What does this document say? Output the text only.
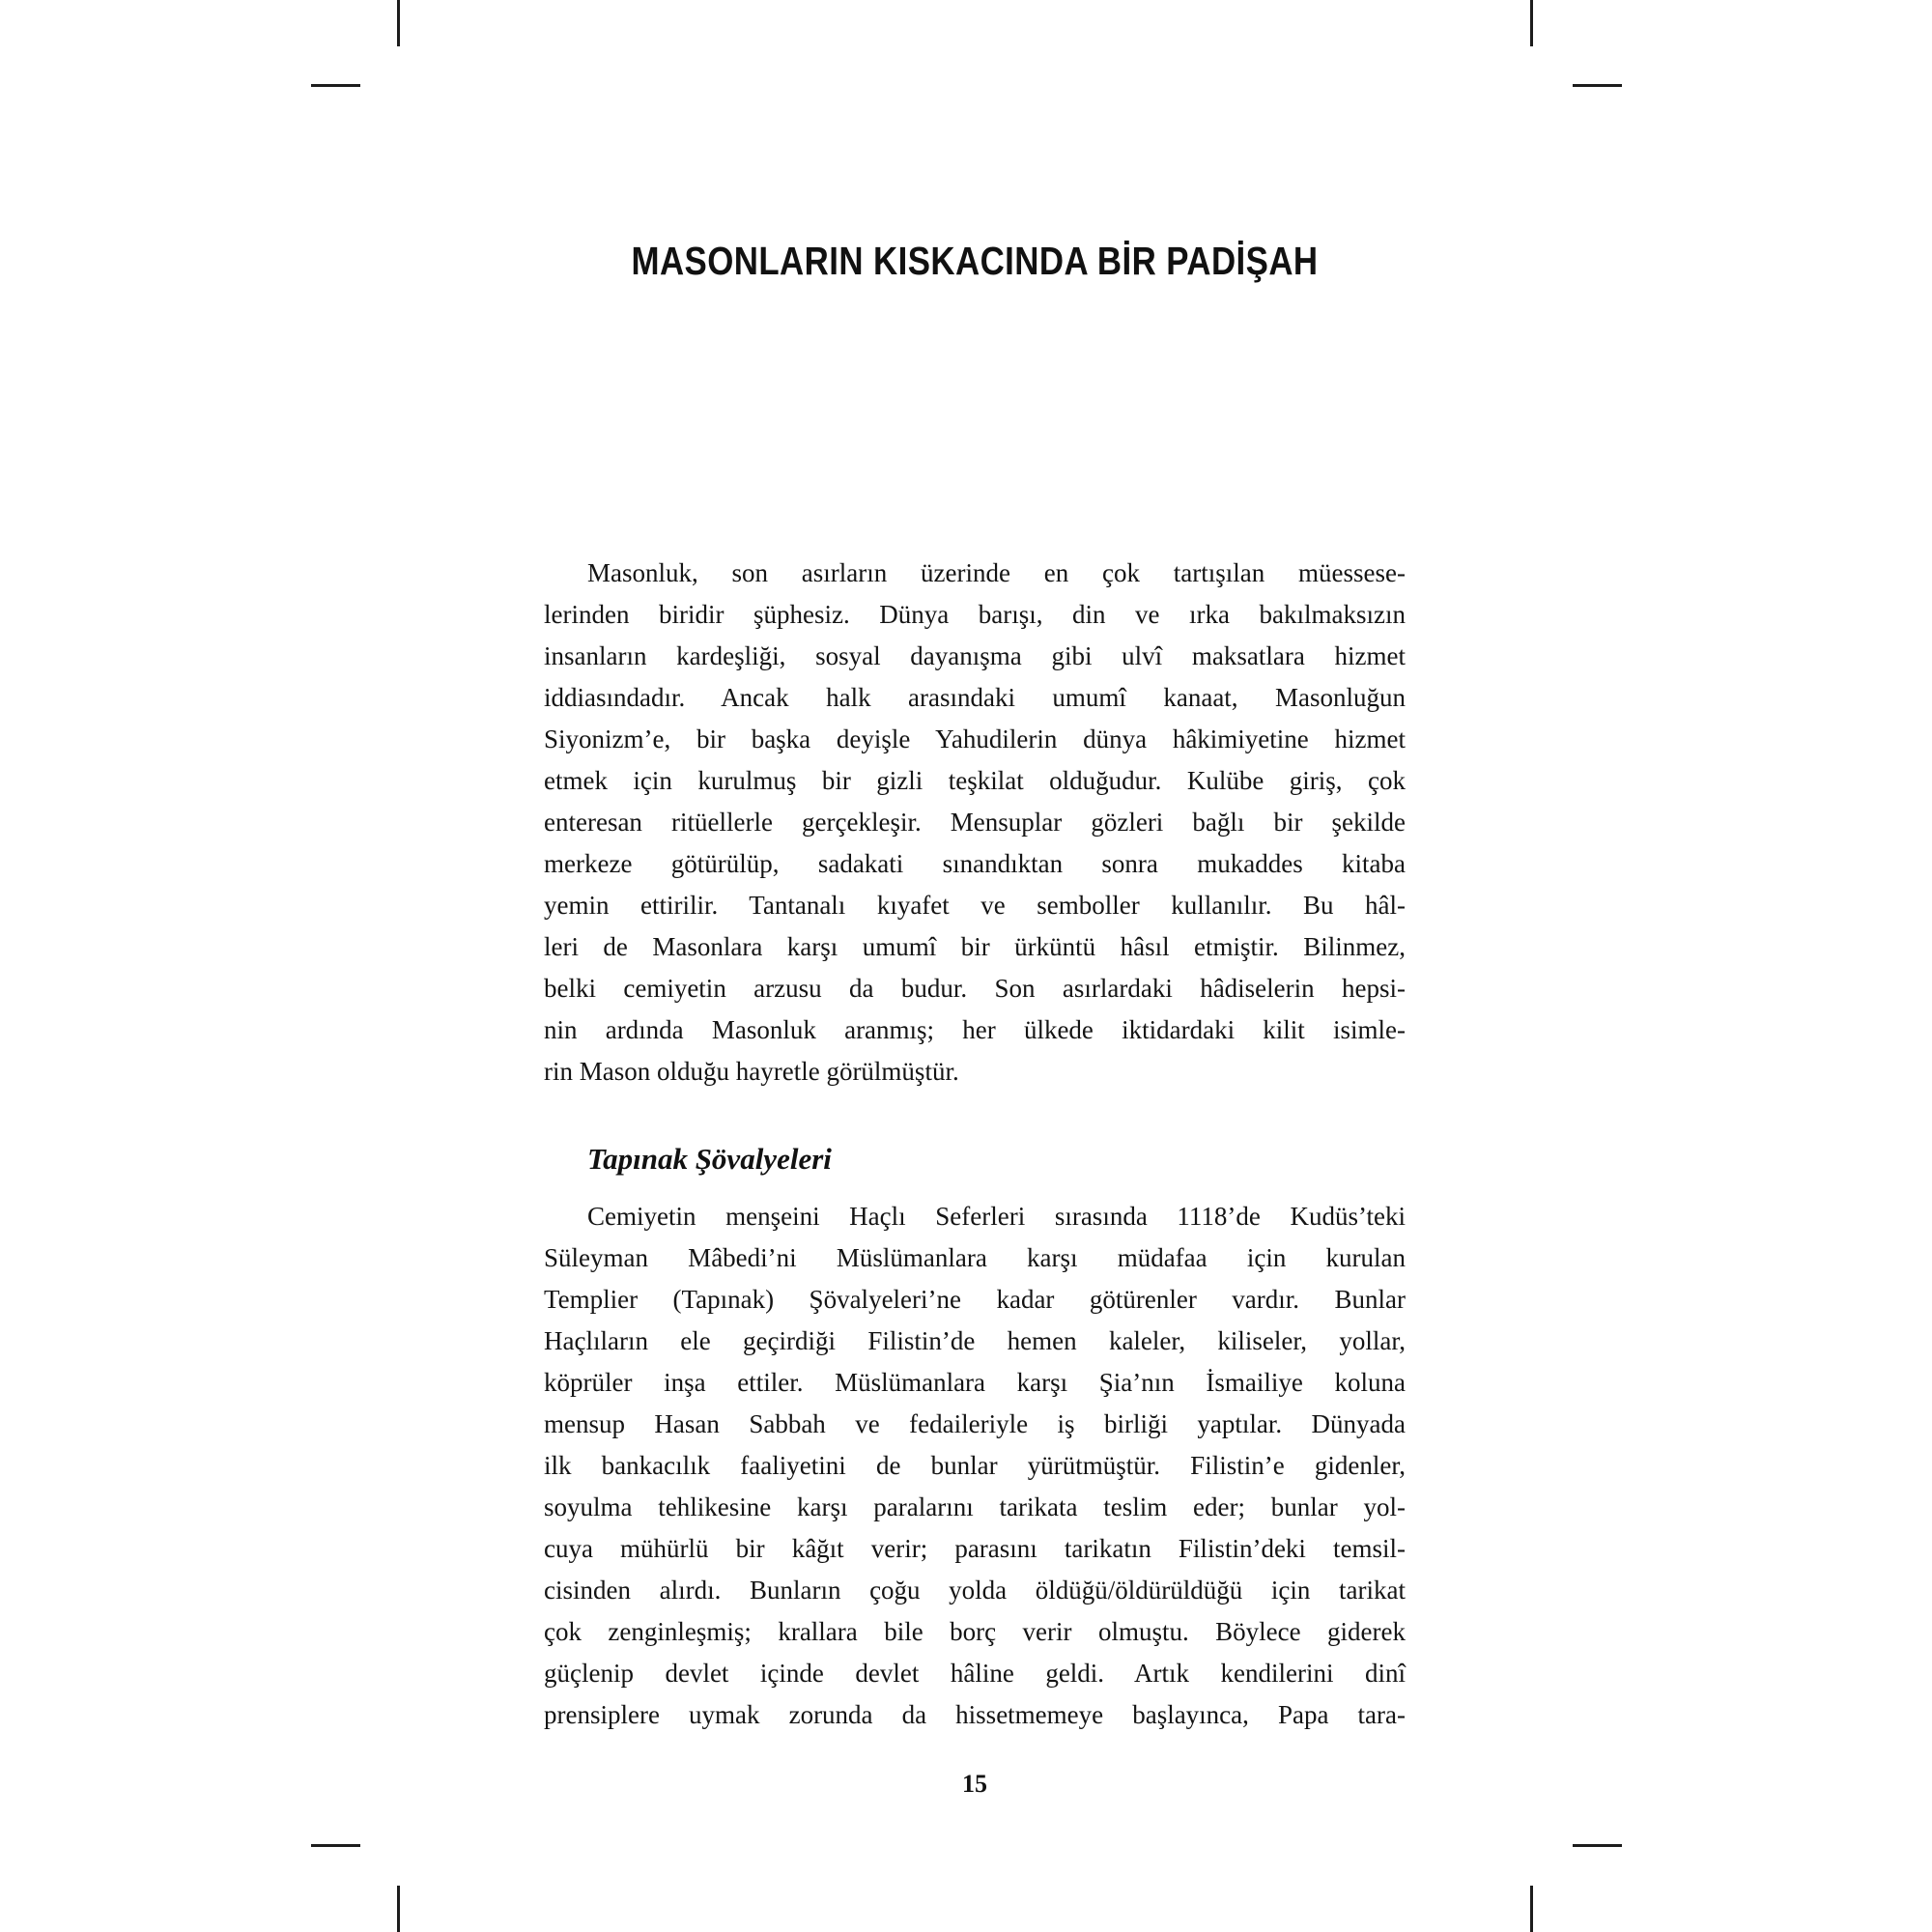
MASONLARIN KISKACINDA BİR PADİŞAH
Masonluk, son asırların üzerinde en çok tartışılan müessese-
lerinden biridir şüphesiz. Dünya barışı, din ve ırka bakılmaksızın
insanların kardeşliği, sosyal dayanışma gibi ulvî maksatlara hizmet
iddiasındadır. Ancak halk arasındaki umumî kanaat, Masonluğun
Siyonizm’e, bir başka deyişle Yahudilerin dünya hâkimiyetine hizmet
etmek için kurulmuş bir gizli teşkilat olduğudur. Kulübe giriş, çok
enteresan ritüellerle gerçekleşir. Mensuplar gözleri bağlı bir şekilde
merkeze götürülüp, sadakati sınandıktan sonra mukaddes kitaba
yemin ettirilir. Tantanalı kıyafet ve semboller kullanılır. Bu hâl-
leri de Masonlara karşı umumî bir ürküntü hâsıl etmiştir. Bilinmez,
belki cemiyetin arzusu da budur. Son asırlardaki hâdiselerin hepsi-
nin ardında Masonluk aranmış; her ülkede iktidardaki kilit isimle-
rin Mason olduğu hayretle görülmüştür.
Tapınak Şövalyeleri
Cemiyetin menşeini Haçlı Seferleri sırasında 1118’de Kudüs’teki
Süleyman Mâbedi’ni Müslümanlara karşı müdafaa için kurulan
Templier (Tapınak) Şövalyeleri’ne kadar götürenler vardır. Bunlar
Haçlıların ele geçirdiği Filistin’de hemen kaleler, kiliseler, yollar,
köprüler inşa ettiler. Müslümanlara karşı Şia’nın İsmailiye koluna
mensup Hasan Sabbah ve fedaileriyle iş birliği yaptılar. Dünyada
ilk bankacılık faaliyetini de bunlar yürütmüştür. Filistin’e gidenler,
soyulma tehlikesine karşı paralarını tarikata teslim eder; bunlar yol-
cuya mühürlü bir kâğıt verir; parasını tarikatın Filistin’deki temsil-
cisinden alırdı. Bunların çoğu yolda öldüğü/öldürüldüğü için tarikat
çok zenginleşmiş; krallara bile borç verir olmuştu. Böylece giderek
güçlenip devlet içinde devlet hâline geldi. Artık kendilerini dinî
prensiplere uymak zorunda da hissetmemeye başlayınca, Papa tara-
15
